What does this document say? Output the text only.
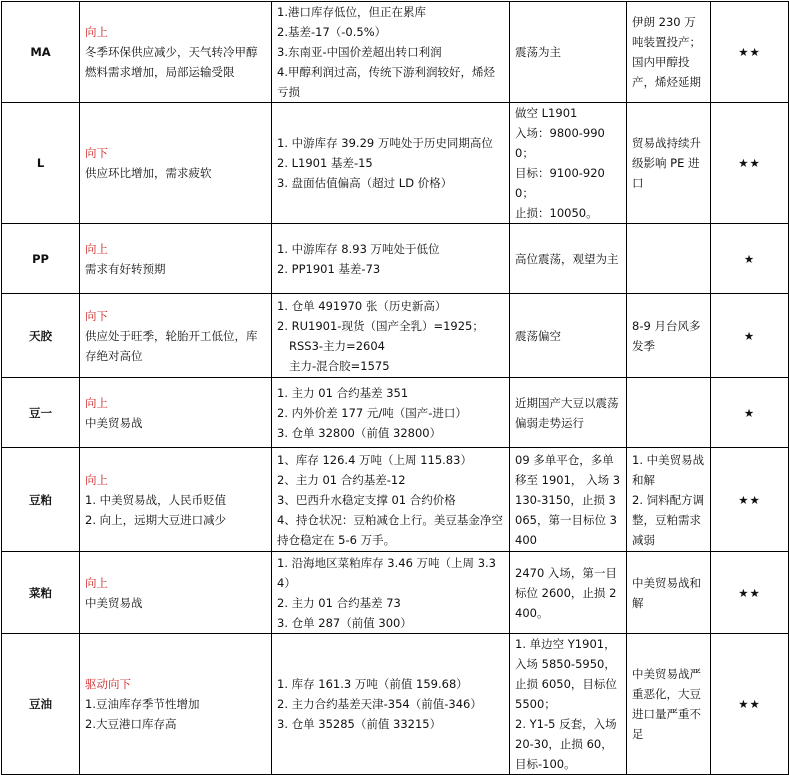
MA	向上
冬季环保供应减少，天气转冷甲醇燃料需求增加，局部运输受限	1.港口库存低位，但正在累库
2.基差-17（-0.5%）
3.东南亚-中国价差超出转口利润
4.甲醇利润过高，传统下游利润较好，烯烃亏损	震荡为主	伊朗 230 万吨装置投产；国内甲醇投产，烯烃延期	★★
L	向下
供应环比增加，需求疲软	1. 中游库存 39.29 万吨处于历史同期高位
2. L1901 基差-15
3. 盘面估值偏高（超过 LD 价格）	做空 L1901
入场：9800-9900；
目标：9100-9200；
止损：10050。	贸易战持续升级影响 PE 进口	★★
PP	向上
需求有好转预期	1. 中游库存 8.93 万吨处于低位
2. PP1901 基差-73	高位震荡，观望为主		★
天胶	向下
供应处于旺季，轮胎开工低位，库存绝对高位	1. 仓单 491970 张（历史新高）
2. RU1901-现货（国产全乳）=1925；
RSS3-主力=2604
主力-混合胶=1575	震荡偏空	8-9 月台风多发季	★
豆一	向上
中美贸易战	1. 主力 01 合约基差 351
2. 内外价差 177 元/吨（国产-进口）
3. 仓单 32800（前值 32800）	近期国产大豆以震荡偏弱走势运行		★
豆粕	向上
1. 中美贸易战，人民币贬值
2. 向上，远期大豆进口减少	1、库存 126.4 万吨（上周 115.83）
2、主力 01 合约基差-12
3、巴西升水稳定支撑 01 合约价格
4、持仓状况：豆粕减仓上行。美豆基金净空持仓稳定在 5-6 万手。	09 多单平仓，多单移至 1901， 入场 3130-3150，止损 3065，第一目标位 3400	1. 中美贸易战和解
2. 饲料配方调整，豆粕需求减弱	★★
菜粕	向上
中美贸易战	1. 沿海地区菜粕库存 3.46 万吨（上周 3.34）
2. 主力 01 合约基差 73
3. 仓单 287（前值 300）	2470 入场，第一目标位 2600，止损 2400。	中美贸易战和解	★★
豆油	驱动向下
1.豆油库存季节性增加
2.大豆港口库存高	1. 库存 161.3 万吨（前值 159.68）
2. 主力合约基差天津-354（前值-346）
3. 仓单 35285（前值 33215）	1. 单边空 Y1901，入场 5850-5950，止损 6050，目标位 5500；
2. Y1-5 反套，入场 20-30，止损 60，目标-100。	中美贸易战严重恶化，大豆进口量严重不足	★★
